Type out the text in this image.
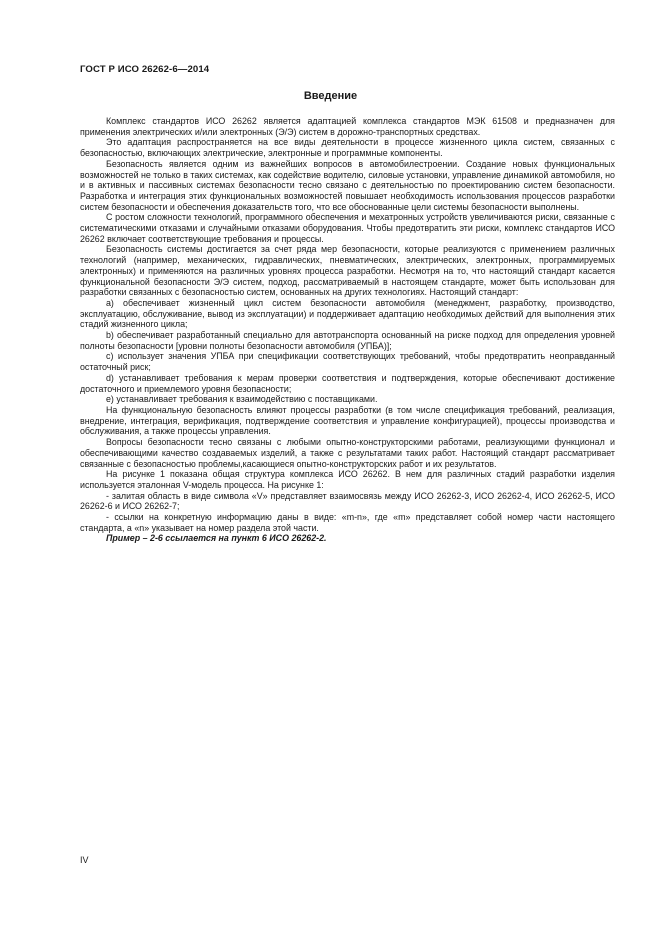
ГОСТ Р ИСО 26262-6—2014
Введение

Комплекс стандартов ИСО 26262 является адаптацией комплекса стандартов МЭК 61508 и предназначен для применения электрических и/или электронных (Э/Э) систем в дорожно-транспортных средствах.

Это адаптация распространяется на все виды деятельности в процессе жизненного цикла систем, связанных с безопасностью, включающих электрические, электронные и программные компоненты.

Безопасность является одним из важнейших вопросов в автомобилестроении. Создание новых функциональных возможностей не только в таких системах, как содействие водителю, силовые установки, управление динамикой автомобиля, но и в активных и пассивных системах безопасности тесно связано с деятельностью по проектированию систем безопасности. Разработка и интеграция этих функциональных возможностей повышает необходимость использования процессов разработки систем безопасности и обеспечения доказательств того, что все обоснованные цели системы безопасности выполнены.

С ростом сложности технологий, программного обеспечения и мехатронных устройств увеличиваются риски, связанные с систематическими отказами и случайными отказами оборудования. Чтобы предотвратить эти риски, комплекс стандартов ИСО 26262 включает соответствующие требования и процессы.

Безопасность системы достигается за счет ряда мер безопасности, которые реализуются с применением различных технологий (например, механических, гидравлических, пневматических, электрических, электронных, программируемых электронных) и применяются на различных уровнях процесса разработки. Несмотря на то, что настоящий стандарт касается функциональной безопасности Э/Э систем, подход, рассматриваемый в настоящем стандарте, может быть использован для разработки связанных с безопасностью систем, основанных на других технологиях. Настоящий стандарт:

а) обеспечивает жизненный цикл систем безопасности автомобиля (менеджмент, разработку, производство, эксплуатацию, обслуживание, вывод из эксплуатации) и поддерживает адаптацию необходимых действий для выполнения этих стадий жизненного цикла;

b) обеспечивает разработанный специально для автотранспорта основанный на риске подход для определения уровней полноты безопасности [уровни полноты безопасности автомобиля (УПБА)];

с) использует значения УПБА при спецификации соответствующих требований, чтобы предотвратить неоправданный остаточный риск;

d) устанавливает требования к мерам проверки соответствия и подтверждения, которые обеспечивают достижение достаточного и приемлемого уровня безопасности;

е) устанавливает требования к взаимодействию с поставщиками.

На функциональную безопасность влияют процессы разработки (в том числе спецификация требований, реализация, внедрение, интеграция, верификация, подтверждение соответствия и управление конфигурацией), процессы производства и обслуживания, а также процессы управления.

Вопросы безопасности тесно связаны с любыми опытно-конструкторскими работами, реализующими функционал и обеспечивающими качество создаваемых изделий, а также с результатами таких работ. Настоящий стандарт рассматривает связанные с безопасностью проблемы,касающиеся опытно-конструкторских работ и их результатов.

На рисунке 1 показана общая структура комплекса ИСО 26262. В нем для различных стадий разработки изделия используется эталонная V-модель процесса. На рисунке 1:

- залитая область в виде символа «V» представляет взаимосвязь между ИСО 26262-3, ИСО 26262-4, ИСО 26262-5, ИСО 26262-6 и ИСО 26262-7;

- ссылки на конкретную информацию даны в виде: «m-n», где «m» представляет собой номер части настоящего стандарта, а «n» указывает на номер раздела этой части.

Пример – 2-6 ссылается на пункт 6 ИСО 26262-2.

IV
